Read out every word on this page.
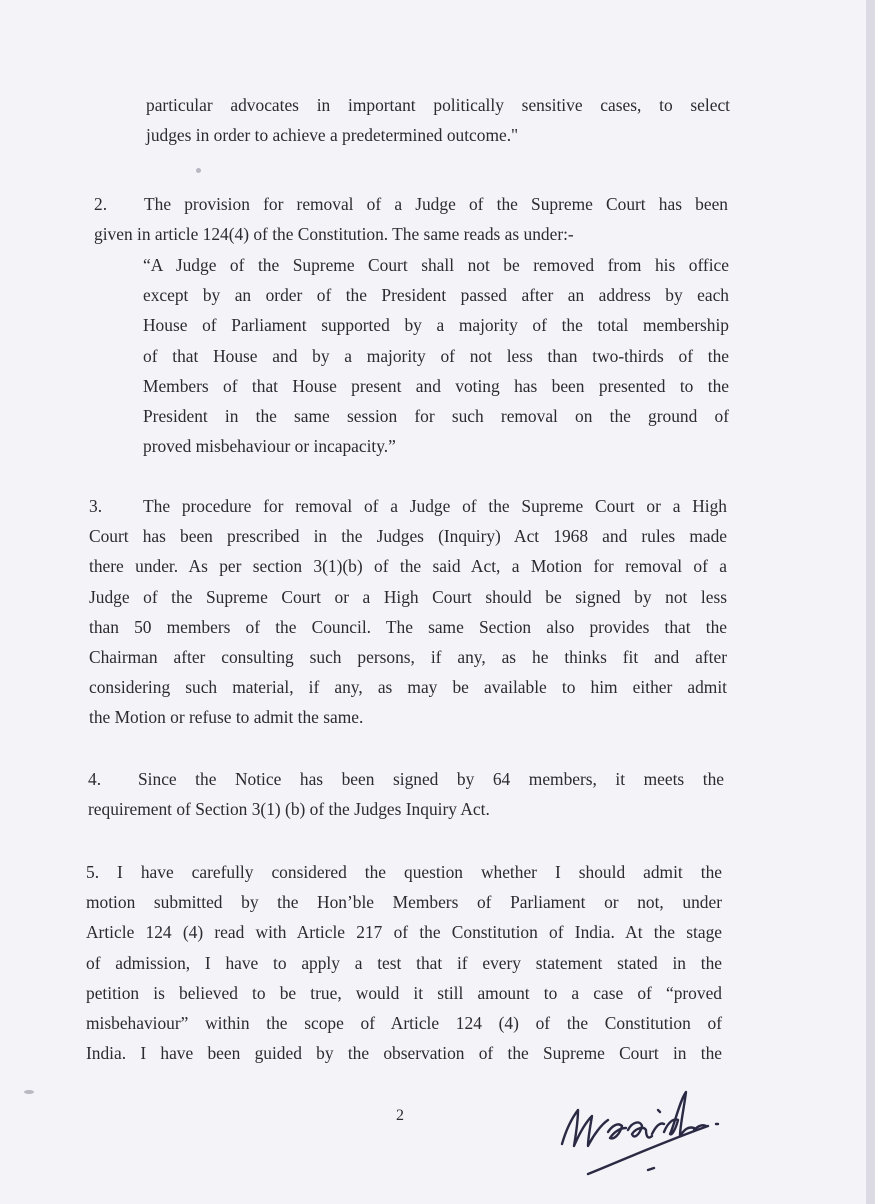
particular advocates in important politically sensitive cases, to select
judges in order to achieve a predetermined outcome."
2. The provision for removal of a Judge of the Supreme Court has been
given in article 124(4) of the Constitution. The same reads as under:-
“A Judge of the Supreme Court shall not be removed from his office
except by an order of the President passed after an address by each
House of Parliament supported by a majority of the total membership
of that House and by a majority of not less than two-thirds of the
Members of that House present and voting has been presented to the
President in the same session for such removal on the ground of
proved misbehaviour or incapacity.”
3. The procedure for removal of a Judge of the Supreme Court or a High
Court has been prescribed in the Judges (Inquiry) Act 1968 and rules made
there under. As per section 3(1)(b) of the said Act, a Motion for removal of a
Judge of the Supreme Court or a High Court should be signed by not less
than 50 members of the Council. The same Section also provides that the
Chairman after consulting such persons, if any, as he thinks fit and after
considering such material, if any, as may be available to him either admit
the Motion or refuse to admit the same.
4. Since the Notice has been signed by 64 members, it meets the
requirement of Section 3(1) (b) of the Judges Inquiry Act.
5. I have carefully considered the question whether I should admit the
motion submitted by the Hon’ble Members of Parliament or not, under
Article 124 (4) read with Article 217 of the Constitution of India. At the stage
of admission, I have to apply a test that if every statement stated in the
petition is believed to be true, would it still amount to a case of “proved
misbehaviour” within the scope of Article 124 (4) of the Constitution of
India. I have been guided by the observation of the Supreme Court in the
2
